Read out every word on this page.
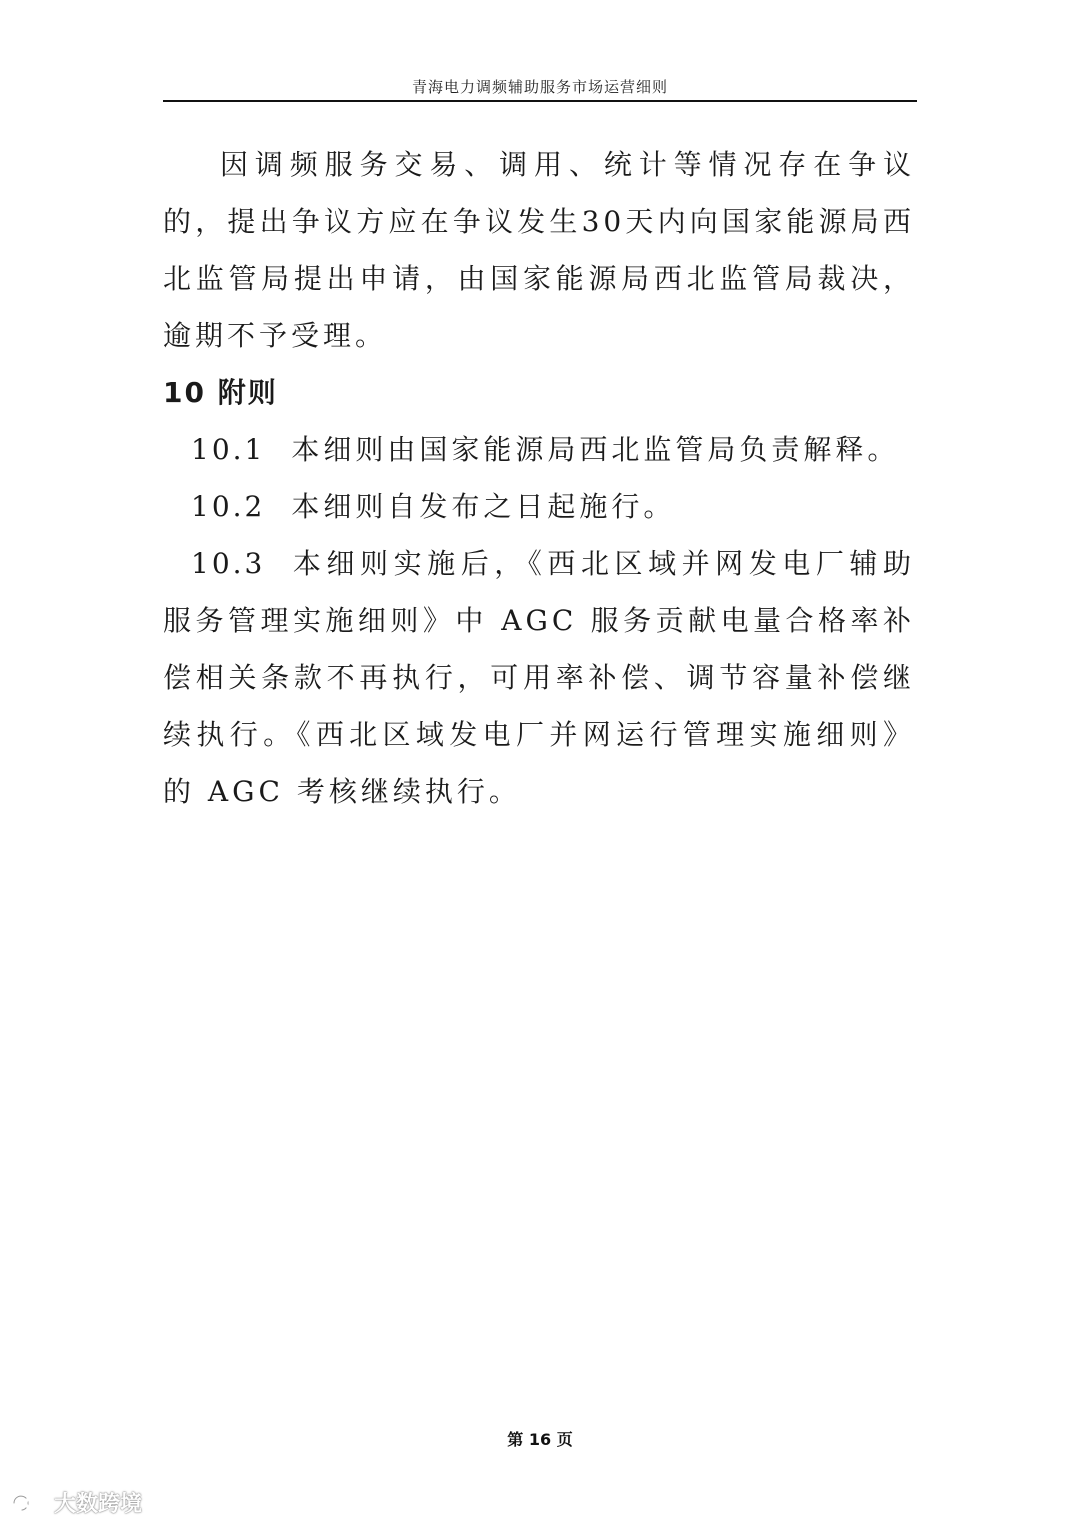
青海电力调频辅助服务市场运营细则

因调频服务交易、调用、统计等情况存在争议的，提出争议方应在争议发生30天内向国家能源局西北监管局提出申请，由国家能源局西北监管局裁决，逾期不予受理。

10 附则

10.1 本细则由国家能源局西北监管局负责解释。

10.2 本细则自发布之日起施行。

10.3 本细则实施后，《西北区域并网发电厂辅助服务管理实施细则》中 AGC 服务贡献电量合格率补偿相关条款不再执行，可用率补偿、调节容量补偿继续执行。《西北区域发电厂并网运行管理实施细则》的 AGC 考核继续执行。

第 16 页
大数跨境
